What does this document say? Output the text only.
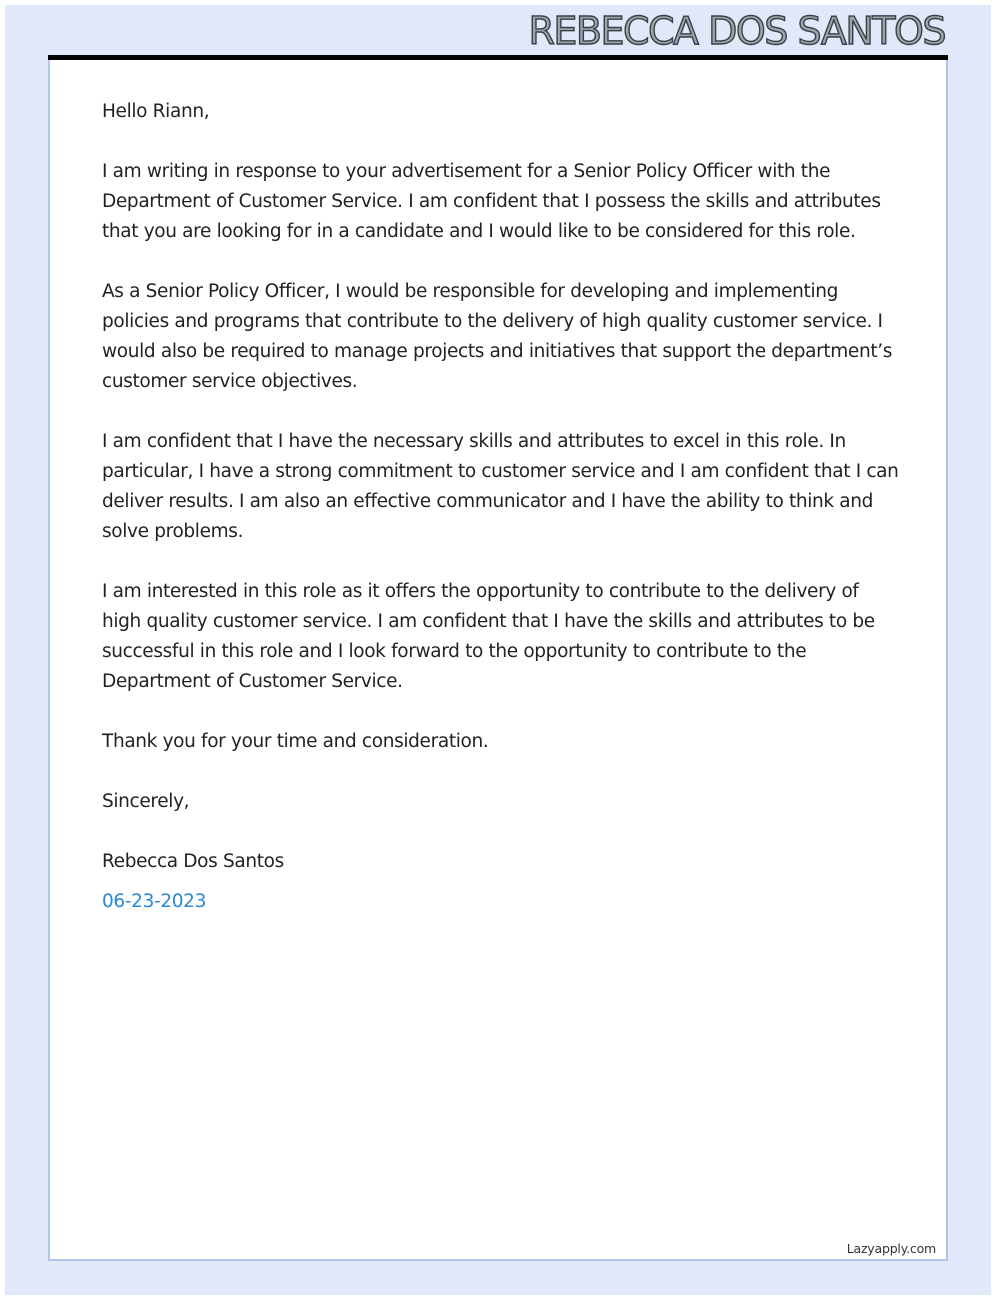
REBECCA DOS SANTOS

Hello Riann,

I am writing in response to your advertisement for a Senior Policy Officer with the Department of Customer Service. I am confident that I possess the skills and attributes that you are looking for in a candidate and I would like to be considered for this role.

As a Senior Policy Officer, I would be responsible for developing and implementing policies and programs that contribute to the delivery of high quality customer service. I would also be required to manage projects and initiatives that support the department’s customer service objectives.

I am confident that I have the necessary skills and attributes to excel in this role. In particular, I have a strong commitment to customer service and I am confident that I can deliver results. I am also an effective communicator and I have the ability to think and solve problems.

I am interested in this role as it offers the opportunity to contribute to the delivery of high quality customer service. I am confident that I have the skills and attributes to be successful in this role and I look forward to the opportunity to contribute to the Department of Customer Service.

Thank you for your time and consideration.

Sincerely,

Rebecca Dos Santos

06-23-2023

Lazyapply.com
